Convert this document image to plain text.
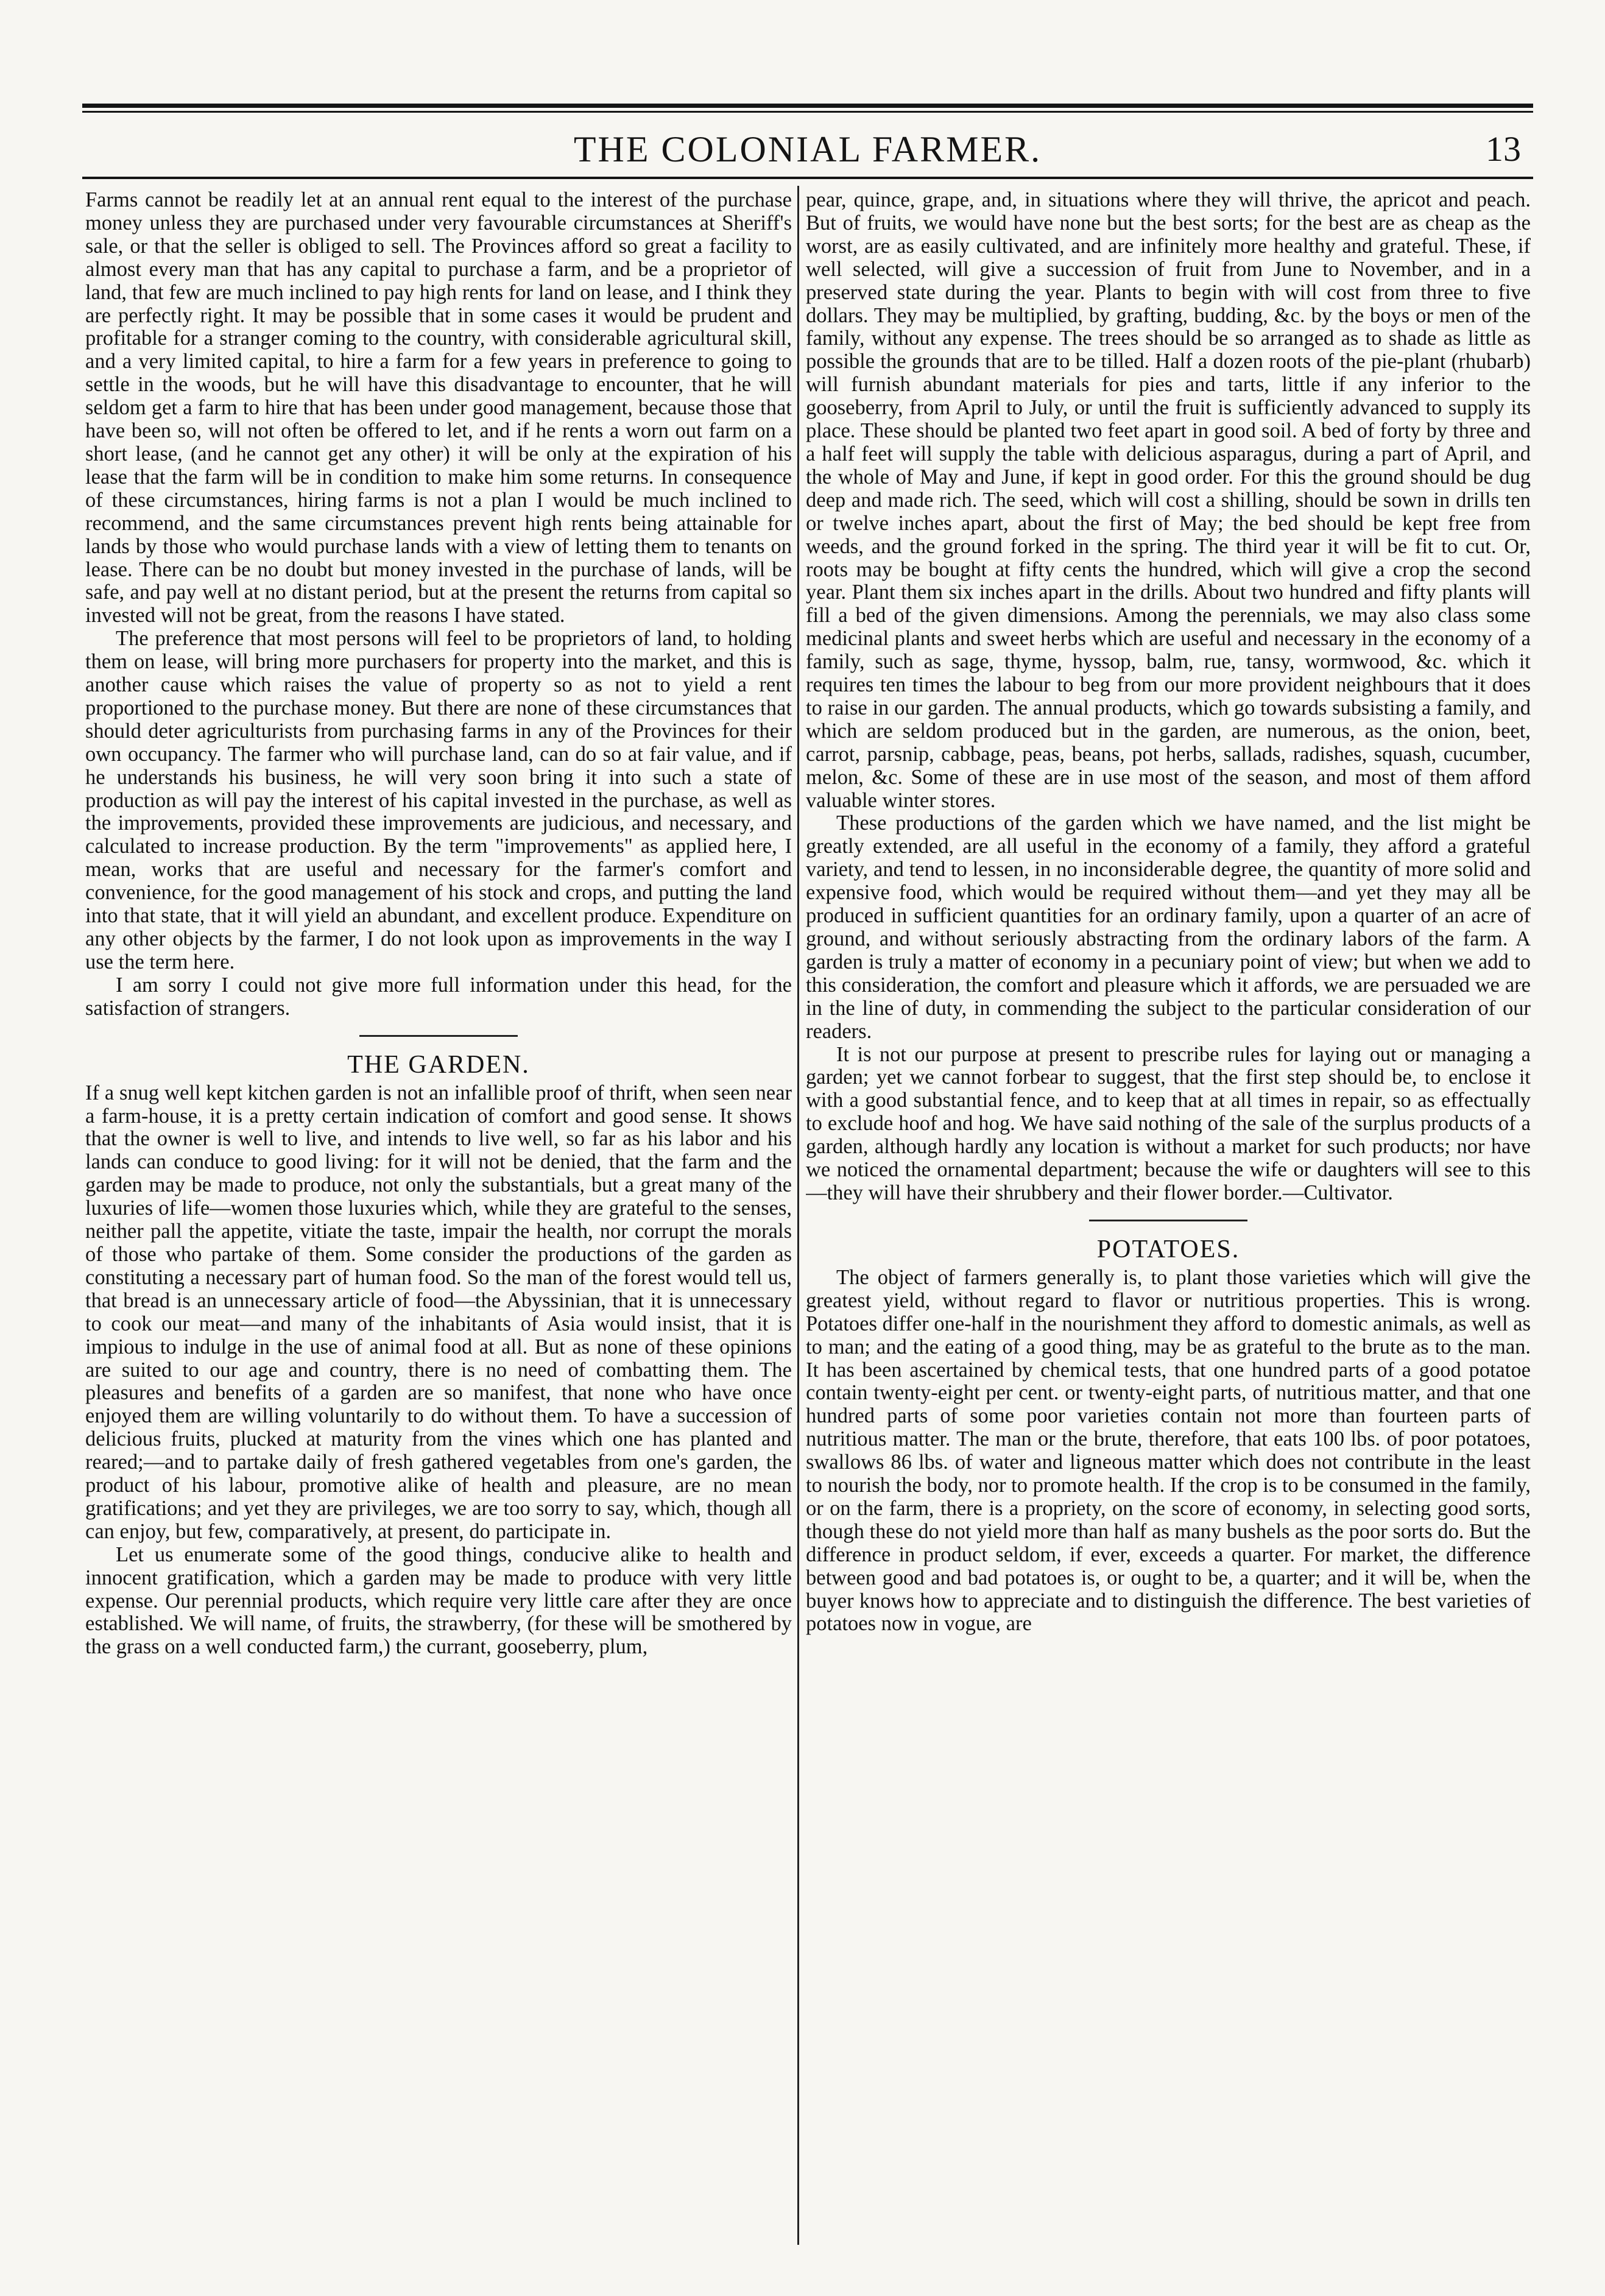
THE COLONIAL FARMER.	13

Farms cannot be readily let at an annual rent equal to the interest of the purchase money unless they are purchased under very favourable circumstances at Sheriff's sale, or that the seller is obliged to sell. The Provinces afford so great a facility to almost every man that has any capital to purchase a farm, and be a proprietor of land, that few are much inclined to pay high rents for land on lease, and I think they are perfectly right. It may be possible that in some cases it would be prudent and profitable for a stranger coming to the country, with considerable agricultural skill, and a very limited capital, to hire a farm for a few years in preference to going to settle in the woods, but he will have this disadvantage to encounter, that he will seldom get a farm to hire that has been under good management, because those that have been so, will not often be offered to let, and if he rents a worn out farm on a short lease, (and he cannot get any other) it will be only at the expiration of his lease that the farm will be in condition to make him some returns. In consequence of these circumstances, hiring farms is not a plan I would be much inclined to recommend, and the same circumstances prevent high rents being attainable for lands by those who would purchase lands with a view of letting them to tenants on lease. There can be no doubt but money invested in the purchase of lands, will be safe, and pay well at no distant period, but at the present the returns from capital so invested will not be great, from the reasons I have stated.

The preference that most persons will feel to be proprietors of land, to holding them on lease, will bring more purchasers for property into the market, and this is another cause which raises the value of property so as not to yield a rent proportioned to the purchase money. But there are none of these circumstances that should deter agriculturists from purchasing farms in any of the Provinces for their own occupancy. The farmer who will purchase land, can do so at fair value, and if he understands his business, he will very soon bring it into such a state of production as will pay the interest of his capital invested in the purchase, as well as the improvements, provided these improvements are judicious, and necessary, and calculated to increase production. By the term "improvements" as applied here, I mean, works that are useful and necessary for the farmer's comfort and convenience, for the good management of his stock and crops, and putting the land into that state, that it will yield an abundant, and excellent produce. Expenditure on any other objects by the farmer, I do not look upon as improvements in the way I use the term here.

I am sorry I could not give more full information under this head, for the satisfaction of strangers.

THE GARDEN.

If a snug well kept kitchen garden is not an infallible proof of thrift, when seen near a farm-house, it is a pretty certain indication of comfort and good sense. It shows that the owner is well to live, and intends to live well, so far as his labor and his lands can conduce to good living: for it will not be denied, that the farm and the garden may be made to produce, not only the substantials, but a great many of the luxuries of life—women those luxuries which, while they are grateful to the senses, neither pall the appetite, vitiate the taste, impair the health, nor corrupt the morals of those who partake of them. Some consider the productions of the garden as constituting a necessary part of human food. So the man of the forest would tell us, that bread is an unnecessary article of food—the Abyssinian, that it is unnecessary to cook our meat—and many of the inhabitants of Asia would insist, that it is impious to indulge in the use of animal food at all. But as none of these opinions are suited to our age and country, there is no need of combatting them. The pleasures and benefits of a garden are so manifest, that none who have once enjoyed them are willing voluntarily to do without them. To have a succession of delicious fruits, plucked at maturity from the vines which one has planted and reared;—and to partake daily of fresh gathered vegetables from one's garden, the product of his labour, promotive alike of health and pleasure, are no mean gratifications; and yet they are privileges, we are too sorry to say, which, though all can enjoy, but few, comparatively, at present, do participate in.

Let us enumerate some of the good things, conducive alike to health and innocent gratification, which a garden may be made to produce with very little expense. Our perennial products, which require very little care after they are once established. We will name, of fruits, the strawberry, (for these will be smothered by the grass on a well conducted farm,) the currant, gooseberry, plum,

pear, quince, grape, and, in situations where they will thrive, the apricot and peach. But of fruits, we would have none but the best sorts; for the best are as cheap as the worst, are as easily cultivated, and are infinitely more healthy and grateful. These, if well selected, will give a succession of fruit from June to November, and in a preserved state during the year. Plants to begin with will cost from three to five dollars. They may be multiplied, by grafting, budding, &c. by the boys or men of the family, without any expense. The trees should be so arranged as to shade as little as possible the grounds that are to be tilled. Half a dozen roots of the pie-plant (rhubarb) will furnish abundant materials for pies and tarts, little if any inferior to the gooseberry, from April to July, or until the fruit is sufficiently advanced to supply its place. These should be planted two feet apart in good soil. A bed of forty by three and a half feet will supply the table with delicious asparagus, during a part of April, and the whole of May and June, if kept in good order. For this the ground should be dug deep and made rich. The seed, which will cost a shilling, should be sown in drills ten or twelve inches apart, about the first of May; the bed should be kept free from weeds, and the ground forked in the spring. The third year it will be fit to cut. Or, roots may be bought at fifty cents the hundred, which will give a crop the second year. Plant them six inches apart in the drills. About two hundred and fifty plants will fill a bed of the given dimensions. Among the perennials, we may also class some medicinal plants and sweet herbs which are useful and necessary in the economy of a family, such as sage, thyme, hyssop, balm, rue, tansy, wormwood, &c. which it requires ten times the labour to beg from our more provident neighbours that it does to raise in our garden. The annual products, which go towards subsisting a family, and which are seldom produced but in the garden, are numerous, as the onion, beet, carrot, parsnip, cabbage, peas, beans, pot herbs, sallads, radishes, squash, cucumber, melon, &c. Some of these are in use most of the season, and most of them afford valuable winter stores.

These productions of the garden which we have named, and the list might be greatly extended, are all useful in the economy of a family, they afford a grateful variety, and tend to lessen, in no inconsiderable degree, the quantity of more solid and expensive food, which would be required without them—and yet they may all be produced in sufficient quantities for an ordinary family, upon a quarter of an acre of ground, and without seriously abstracting from the ordinary labors of the farm. A garden is truly a matter of economy in a pecuniary point of view; but when we add to this consideration, the comfort and pleasure which it affords, we are persuaded we are in the line of duty, in commending the subject to the particular consideration of our readers.

It is not our purpose at present to prescribe rules for laying out or managing a garden; yet we cannot forbear to suggest, that the first step should be, to enclose it with a good substantial fence, and to keep that at all times in repair, so as effectually to exclude hoof and hog. We have said nothing of the sale of the surplus products of a garden, although hardly any location is without a market for such products; nor have we noticed the ornamental department; because the wife or daughters will see to this—they will have their shrubbery and their flower border.—Cultivator.

POTATOES.

The object of farmers generally is, to plant those varieties which will give the greatest yield, without regard to flavor or nutritious properties. This is wrong. Potatoes differ one-half in the nourishment they afford to domestic animals, as well as to man; and the eating of a good thing, may be as grateful to the brute as to the man. It has been ascertained by chemical tests, that one hundred parts of a good potatoe contain twenty-eight per cent. or twenty-eight parts, of nutritious matter, and that one hundred parts of some poor varieties contain not more than fourteen parts of nutritious matter. The man or the brute, therefore, that eats 100 lbs. of poor potatoes, swallows 86 lbs. of water and ligneous matter which does not contribute in the least to nourish the body, nor to promote health. If the crop is to be consumed in the family, or on the farm, there is a propriety, on the score of economy, in selecting good sorts, though these do not yield more than half as many bushels as the poor sorts do. But the difference in product seldom, if ever, exceeds a quarter. For market, the difference between good and bad potatoes is, or ought to be, a quarter; and it will be, when the buyer knows how to appreciate and to distinguish the difference. The best varieties of potatoes now in vogue, are
